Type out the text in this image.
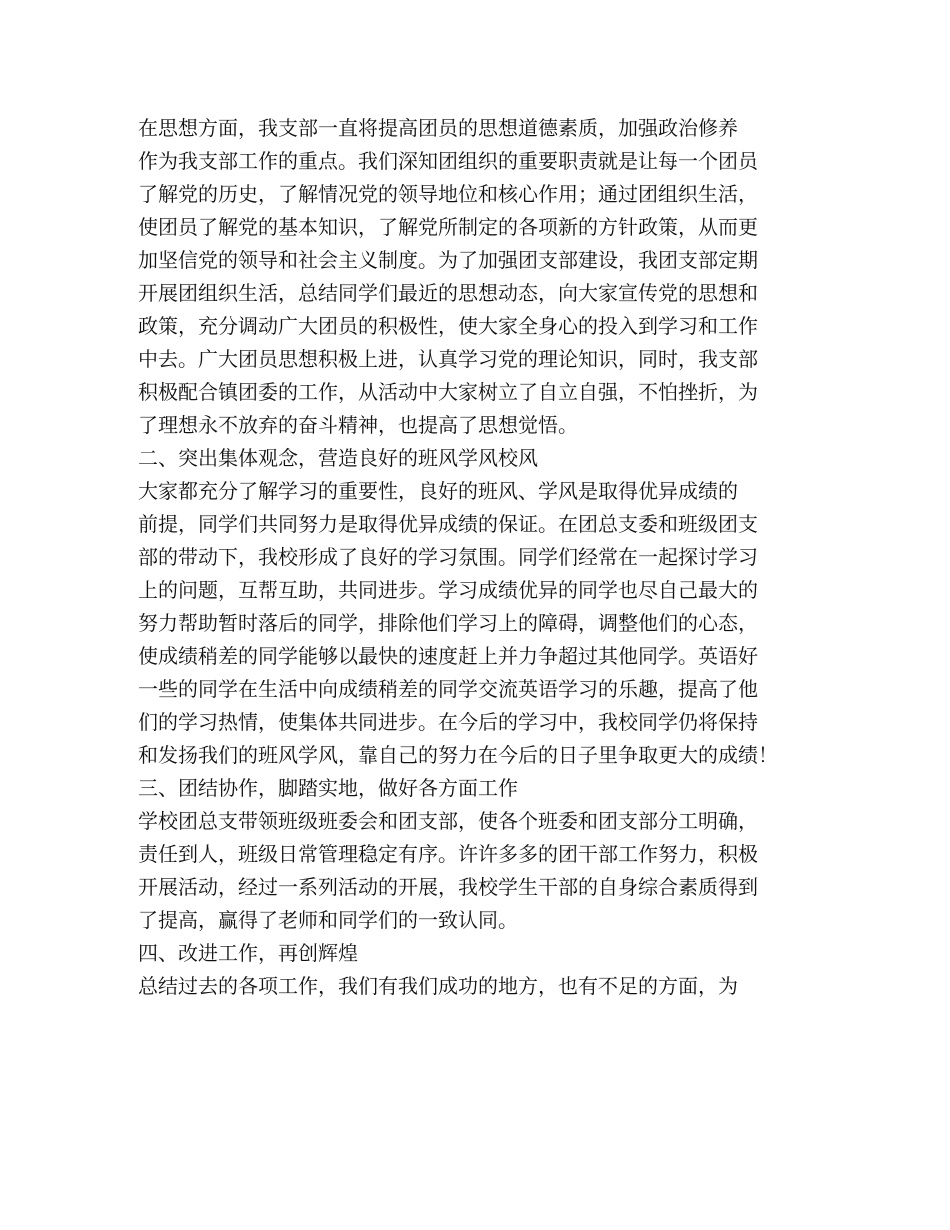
在思想方面，我支部一直将提高团员的思想道德素质，加强政治修养
作为我支部工作的重点。我们深知团组织的重要职责就是让每一个团员
了解党的历史，了解情况党的领导地位和核心作用；通过团组织生活，
使团员了解党的基本知识，了解党所制定的各项新的方针政策，从而更
加坚信党的领导和社会主义制度。为了加强团支部建设，我团支部定期
开展团组织生活，总结同学们最近的思想动态，向大家宣传党的思想和
政策，充分调动广大团员的积极性，使大家全身心的投入到学习和工作
中去。广大团员思想积极上进，认真学习党的理论知识，同时，我支部
积极配合镇团委的工作，从活动中大家树立了自立自强，不怕挫折，为
了理想永不放弃的奋斗精神，也提高了思想觉悟。
二、突出集体观念，营造良好的班风学风校风
大家都充分了解学习的重要性，良好的班风、学风是取得优异成绩的
前提，同学们共同努力是取得优异成绩的保证。在团总支委和班级团支
部的带动下，我校形成了良好的学习氛围。同学们经常在一起探讨学习
上的问题，互帮互助，共同进步。学习成绩优异的同学也尽自己最大的
努力帮助暂时落后的同学，排除他们学习上的障碍，调整他们的心态，
使成绩稍差的同学能够以最快的速度赶上并力争超过其他同学。英语好
一些的同学在生活中向成绩稍差的同学交流英语学习的乐趣，提高了他
们的学习热情，使集体共同进步。在今后的学习中，我校同学仍将保持
和发扬我们的班风学风，靠自己的努力在今后的日子里争取更大的成绩！
三、团结协作，脚踏实地，做好各方面工作
学校团总支带领班级班委会和团支部，使各个班委和团支部分工明确，
责任到人，班级日常管理稳定有序。许许多多的团干部工作努力，积极
开展活动，经过一系列活动的开展，我校学生干部的自身综合素质得到
了提高，赢得了老师和同学们的一致认同。
四、改进工作，再创辉煌
总结过去的各项工作，我们有我们成功的地方，也有不足的方面，为
